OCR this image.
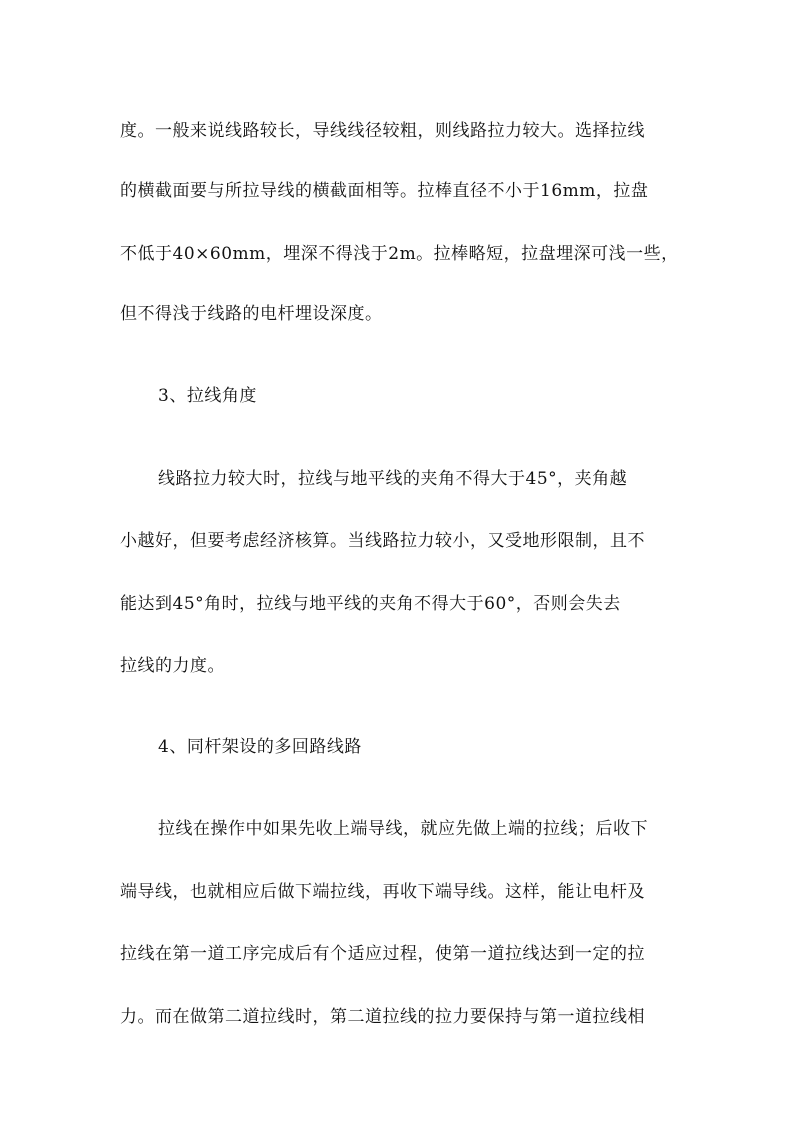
度。一般来说线路较长，导线线径较粗，则线路拉力较大。选择拉线
的横截面要与所拉导线的横截面相等。拉棒直径不小于16mm，拉盘
不低于40×60mm，埋深不得浅于2m。拉棒略短，拉盘埋深可浅一些，
但不得浅于线路的电杆埋设深度。
3、拉线角度
线路拉力较大时，拉线与地平线的夹角不得大于45°，夹角越
小越好，但要考虑经济核算。当线路拉力较小，又受地形限制，且不
能达到45°角时，拉线与地平线的夹角不得大于60°，否则会失去
拉线的力度。
4、同杆架设的多回路线路
拉线在操作中如果先收上端导线，就应先做上端的拉线；后收下
端导线，也就相应后做下端拉线，再收下端导线。这样，能让电杆及
拉线在第一道工序完成后有个适应过程，使第一道拉线达到一定的拉
力。而在做第二道拉线时，第二道拉线的拉力要保持与第一道拉线相
